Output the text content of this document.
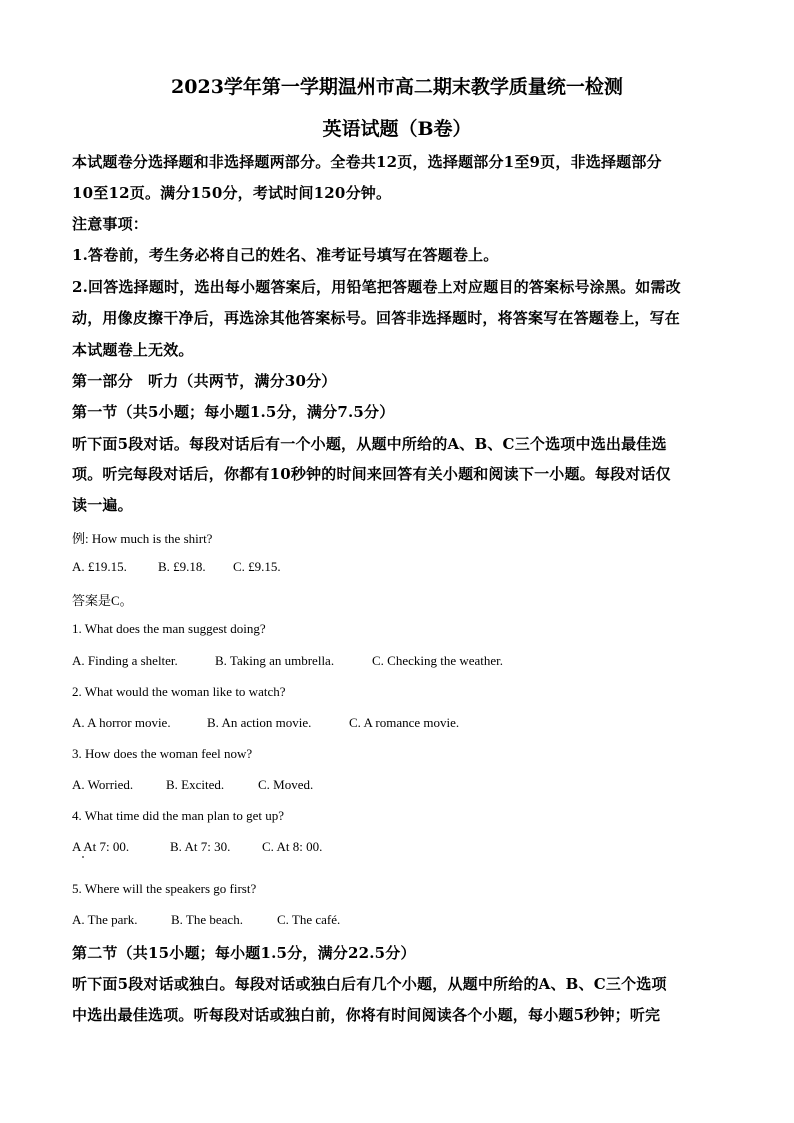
2023学年第一学期温州市高二期末教学质量统一检测
英语试题（B卷）
本试题卷分选择题和非选择题两部分。全卷共12页，选择题部分1至9页，非选择题部分
10至12页。满分150分，考试时间120分钟。
注意事项：
1.答卷前，考生务必将自己的姓名、准考证号填写在答题卷上。
2.回答选择题时，选出每小题答案后，用铅笔把答题卷上对应题目的答案标号涂黑。如需改
动，用像皮擦干净后，再选涂其他答案标号。回答非选择题时，将答案写在答题卷上，写在
本试题卷上无效。
第一部分　听力（共两节，满分30分）
第一节（共5小题；每小题1.5分，满分7.5分）
听下面5段对话。每段对话后有一个小题，从题中所给的A、B、C三个选项中选出最佳选
项。听完每段对话后，你都有10秒钟的时间来回答有关小题和阅读下一小题。每段对话仅
读一遍。
例: How much is the shirt?
A. £19.15. B. £9.18. C. £9.15.
答案是C。
1. What does the man suggest doing?
A. Finding a shelter.	B. Taking an umbrella.	C. Checking the weather.
2. What would the woman like to watch?
A. A horror movie.	B. An action movie.	C. A romance movie.
3. How does the woman feel now?
A. Worried.	B. Excited.	C. Moved.
4. What time did the man plan to get up?
A At 7: 00.	B. At 7: 30. C. At 8: 00.
5. Where will the speakers go first?
A. The park.	B. The beach.	C. The café.
第二节（共15小题；每小题1.5分，满分22.5分）
听下面5段对话或独白。每段对话或独白后有几个小题，从题中所给的A、B、C三个选项
中选出最佳选项。听每段对话或独白前，你将有时间阅读各个小题，每小题5秒钟；听完
